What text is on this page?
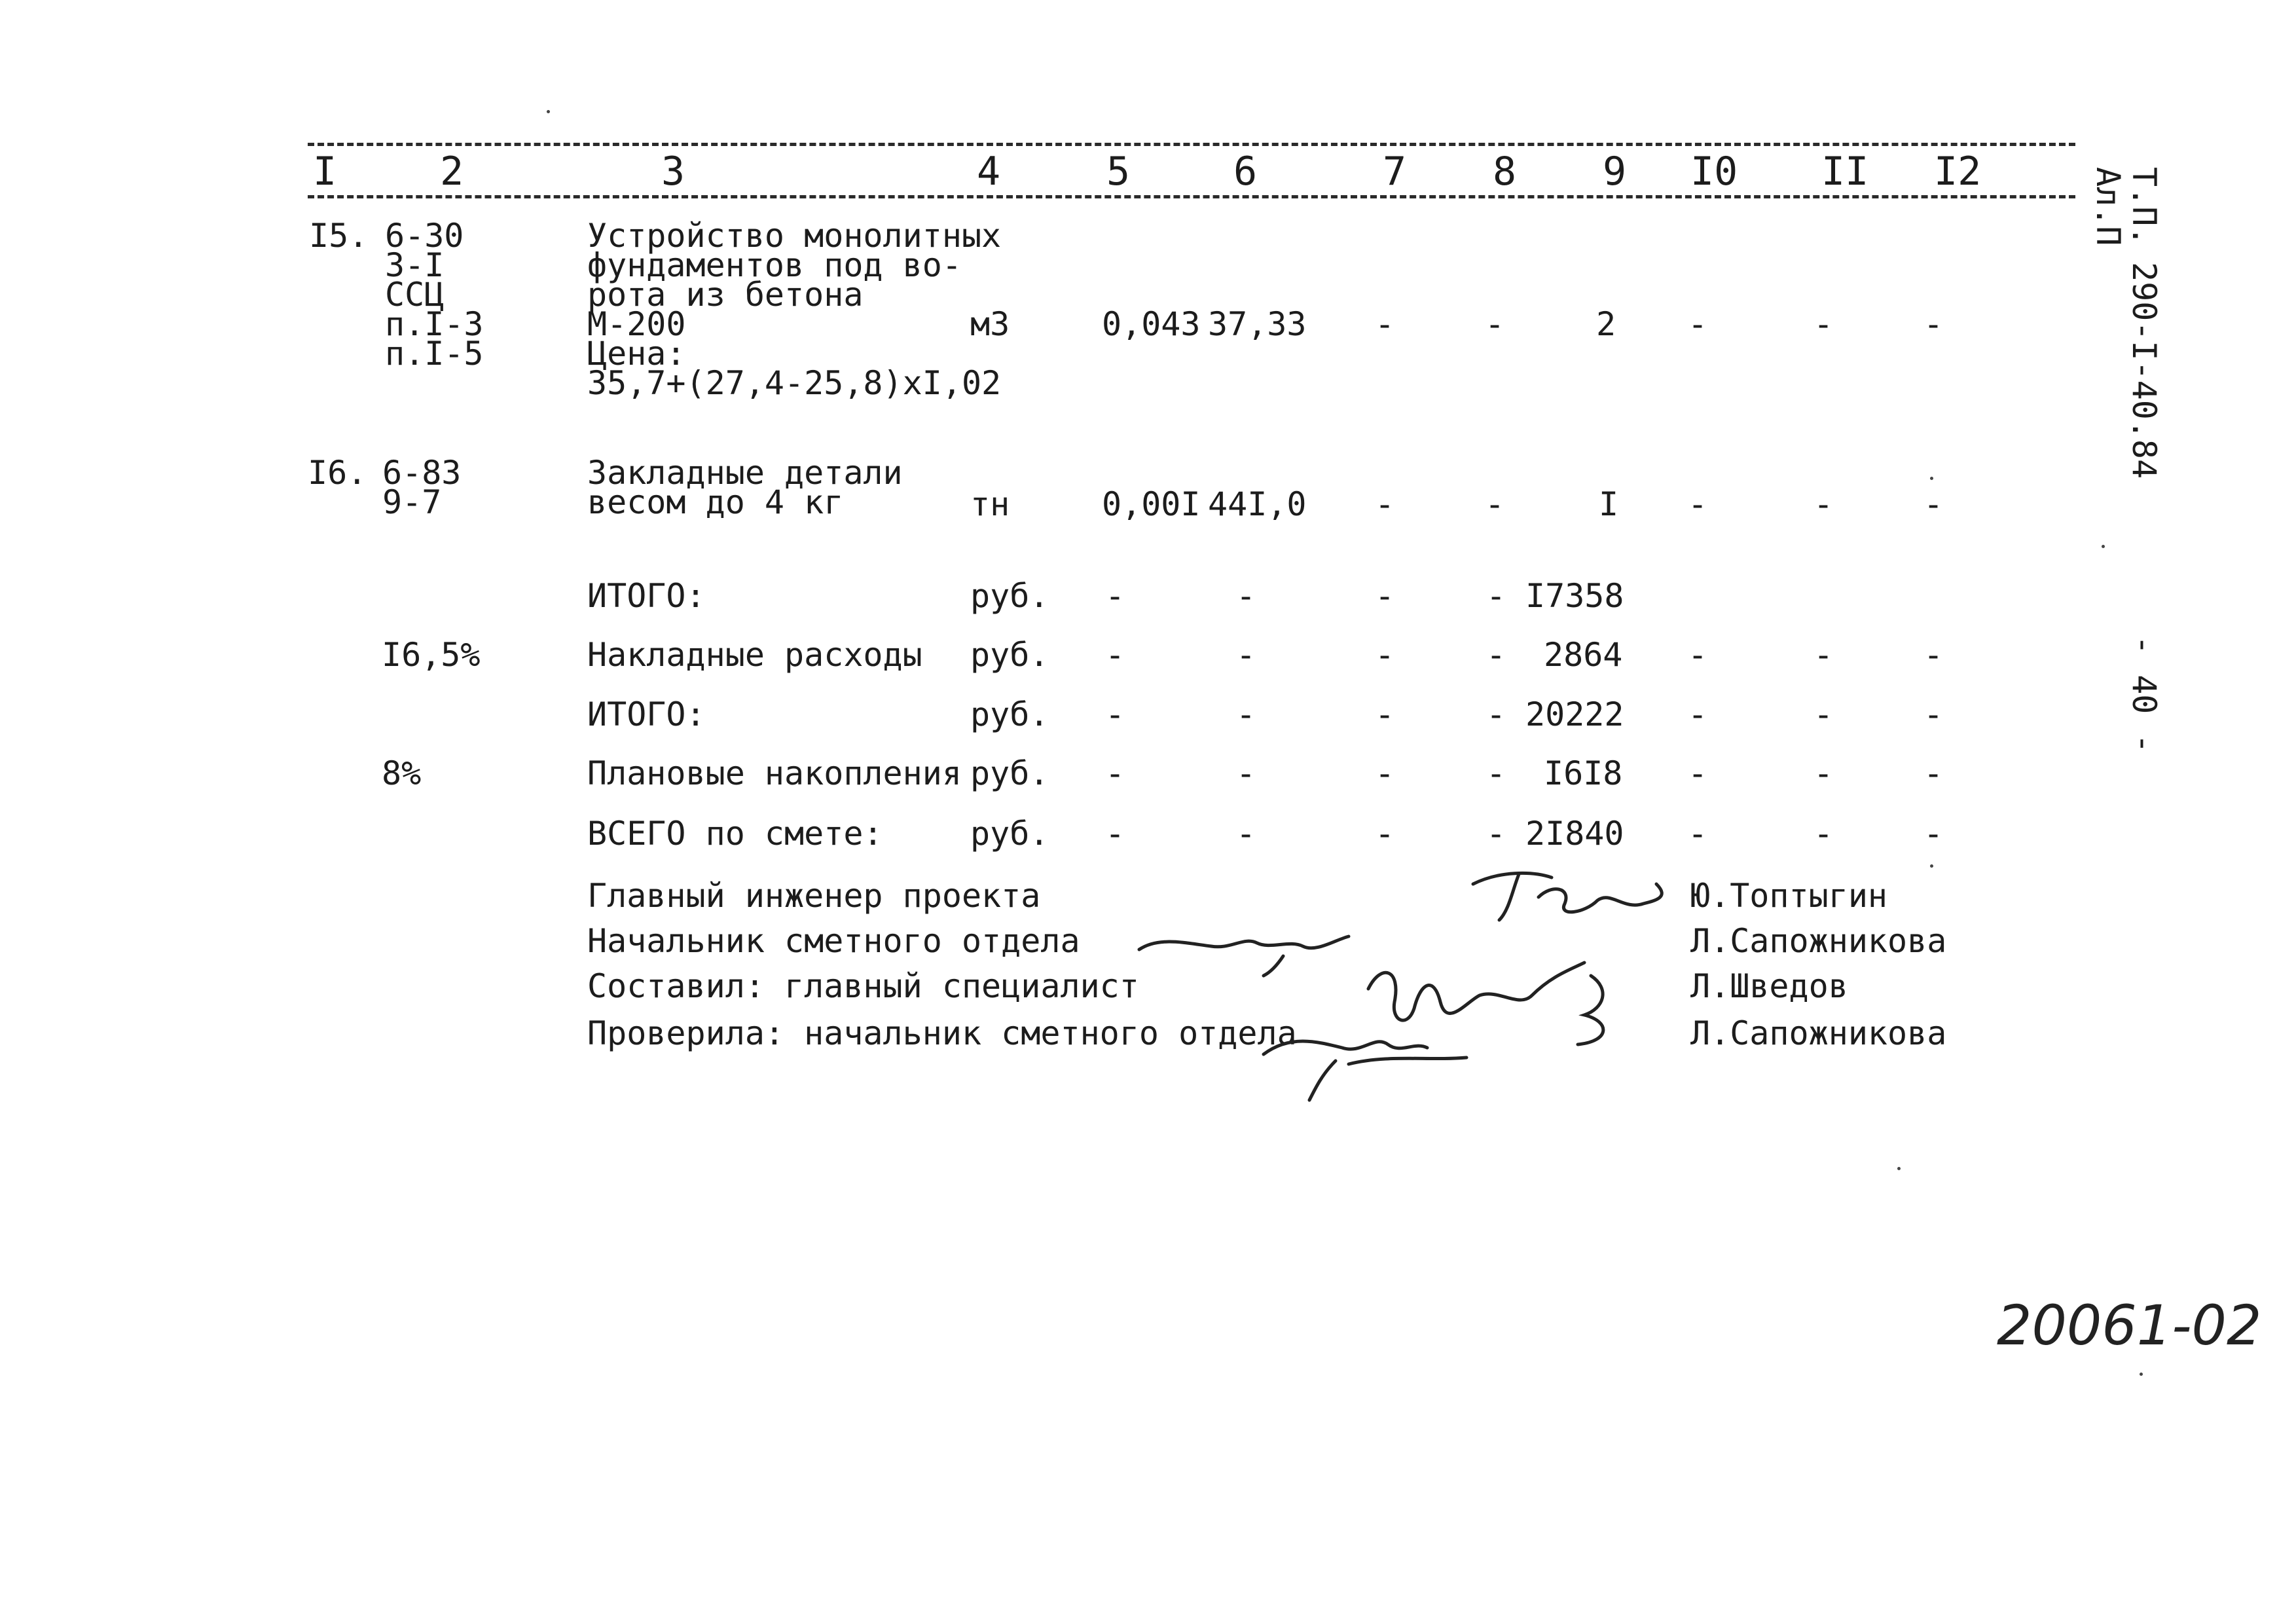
I	2	3	4	5	6	7 8 9 I0 II I2	Т.П.
Ал.П
290-I-40.84
- 40 -
I5. 6-30
3-I
ССЦ
п.I-3
п.I-5
Устройство монолитных
фундаментов под во-
рота из бетона
М-200
Цена:
35,7+(27,4-25,8)xI,02
м3	0,043 37,33 -	-	2 -	-	-
I6. 6-83
9-7
Закладные детали
весом до 4 кг	тн	0,00I 44I,0 -	-	I -	-	-
ИТОГО:	руб. -	-	-	- I7358
I6,5%	Накладные расходы руб. -	-	-	- 2864 -	-	-
ИТОГО:	руб. -	-	-	- 20222 -	-	-
8%	Плановые накопления руб. -	-	-	- I6I8 -	-	-
ВСЕГО по смете:	руб. -	-	-	- 2I840 -	-	-
Главный инженер проекта	Ю.Топтыгин
Начальник сметного отдела	Л.Сапожникова
Составил: главный специалист	Л.Шведов
Проверила: начальник сметного отдела	Л.Сапожникова
20061-02
